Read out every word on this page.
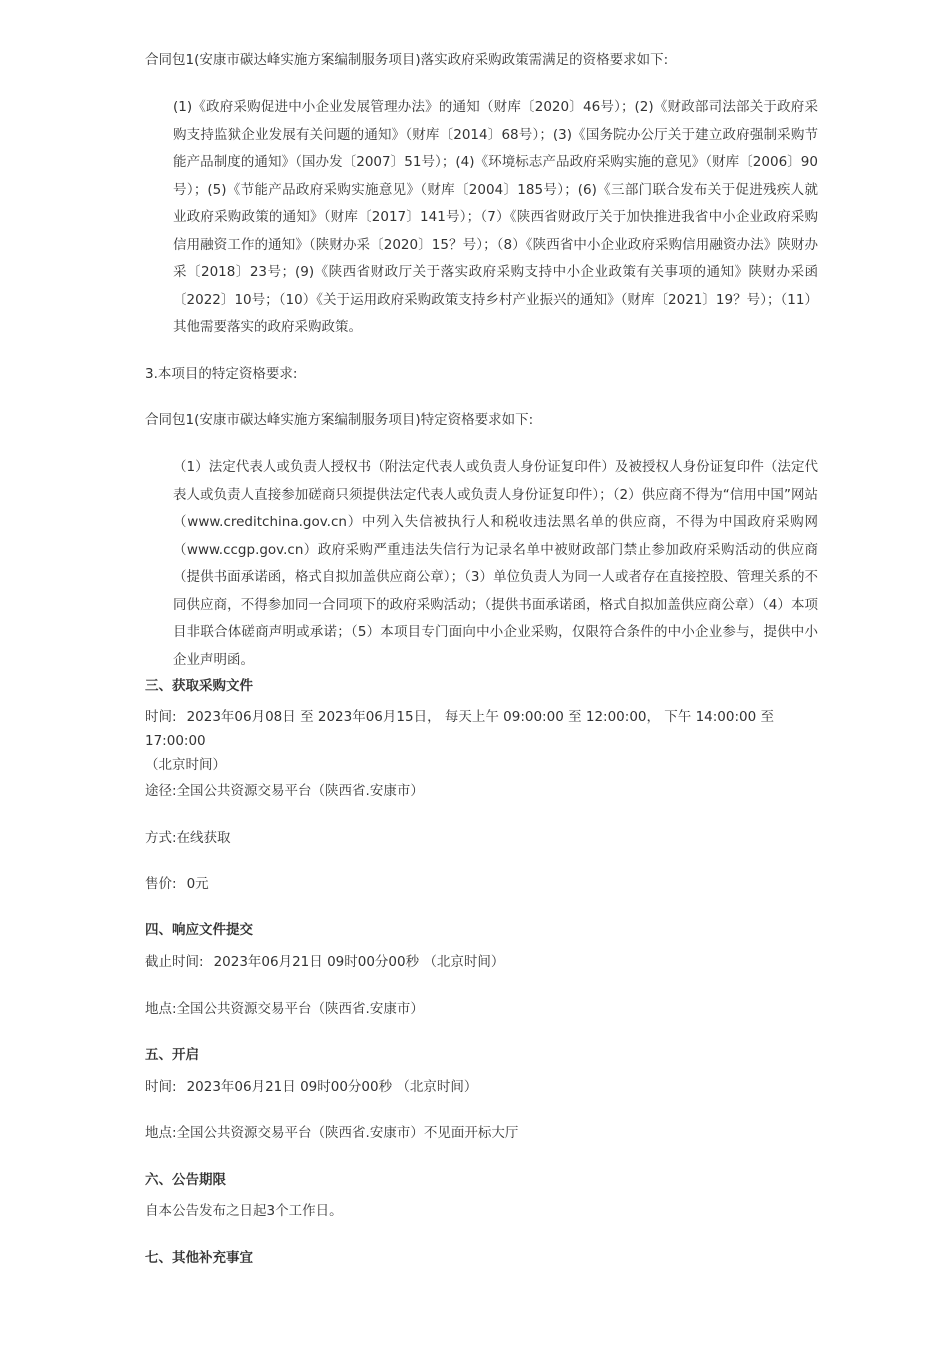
合同包1(安康市碳达峰实施方案编制服务项目)落实政府采购政策需满足的资格要求如下:

(1)《政府采购促进中小企业发展管理办法》的通知（财库〔2020〕46号）；(2)《财政部司法部关于政府采购支持监狱企业发展有关问题的通知》（财库〔2014〕68号）；(3)《国务院办公厅关于建立政府强制采购节能产品制度的通知》（国办发〔2007〕51号）；(4)《环境标志产品政府采购实施的意见》（财库〔2006〕90号）；(5)《节能产品政府采购实施意见》（财库〔2004〕185号）；(6)《三部门联合发布关于促进残疾人就业政府采购政策的通知》（财库〔2017〕141号）；（7）《陕西省财政厅关于加快推进我省中小企业政府采购信用融资工作的通知》（陕财办采〔2020〕15？号）；（8）《陕西省中小企业政府采购信用融资办法》陕财办采〔2018〕23号；(9)《陕西省财政厅关于落实政府采购支持中小企业政策有关事项的通知》陕财办采函〔2022〕10号；（10）《关于运用政府采购政策支持乡村产业振兴的通知》（财库〔2021〕19？号）；（11）其他需要落实的政府采购政策。

3.本项目的特定资格要求:

合同包1(安康市碳达峰实施方案编制服务项目)特定资格要求如下:

（1）法定代表人或负责人授权书（附法定代表人或负责人身份证复印件）及被授权人身份证复印件（法定代表人或负责人直接参加磋商只须提供法定代表人或负责人身份证复印件）；（2）供应商不得为“信用中国”网站（www.creditchina.gov.cn）中列入失信被执行人和税收违法黑名单的供应商，不得为中国政府采购网（www.ccgp.gov.cn）政府采购严重违法失信行为记录名单中被财政部门禁止参加政府采购活动的供应商（提供书面承诺函，格式自拟加盖供应商公章）；（3）单位负责人为同一人或者存在直接控股、管理关系的不同供应商，不得参加同一合同项下的政府采购活动；（提供书面承诺函，格式自拟加盖供应商公章）（4）本项目非联合体磋商声明或承诺；（5）本项目专门面向中小企业采购，仅限符合条件的中小企业参与，提供中小企业声明函。

三、获取采购文件

时间: 2023年06月08日 至 2023年06月15日， 每天上午 09:00:00 至 12:00:00， 下午 14:00:00 至 17:00:00
（北京时间）

途径:全国公共资源交易平台（陕西省.安康市）

方式:在线获取

售价: 0元

四、响应文件提交

截止时间: 2023年06月21日 09时00分00秒 （北京时间）

地点:全国公共资源交易平台（陕西省.安康市）

五、开启

时间: 2023年06月21日 09时00分00秒 （北京时间）

地点:全国公共资源交易平台（陕西省.安康市）不见面开标大厅

六、公告期限

自本公告发布之日起3个工作日。

七、其他补充事宜
